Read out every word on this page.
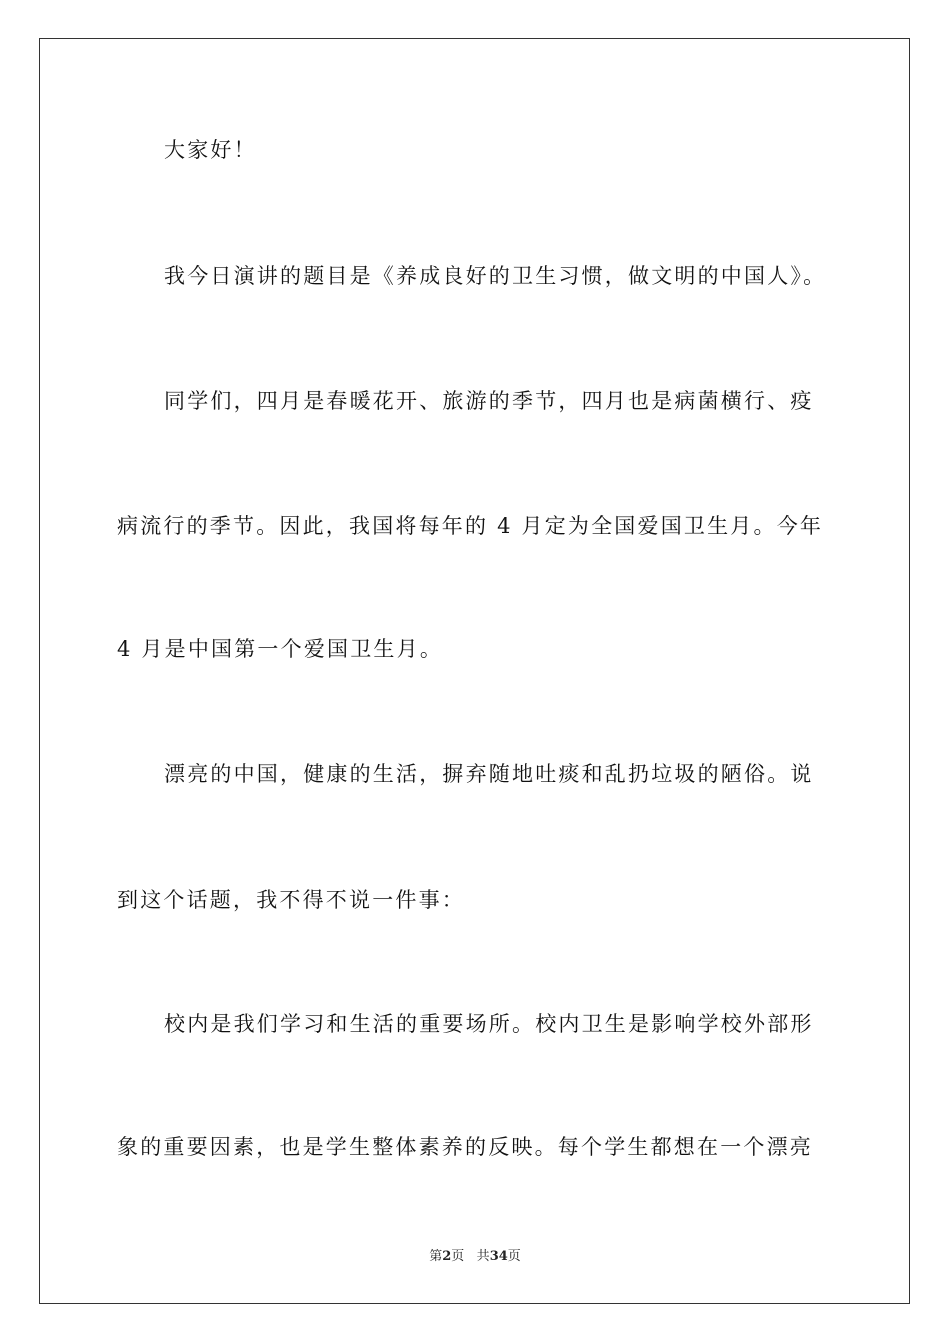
大家好！
我今日演讲的题目是《养成良好的卫生习惯，做文明的中国人》。
同学们，四月是春暖花开、旅游的季节，四月也是病菌横行、疫
病流行的季节。因此，我国将每年的 4 月定为全国爱国卫生月。今年
4 月是中国第一个爱国卫生月。
漂亮的中国，健康的生活，摒弃随地吐痰和乱扔垃圾的陋俗。说
到这个话题，我不得不说一件事：
校内是我们学习和生活的重要场所。校内卫生是影响学校外部形
象的重要因素，也是学生整体素养的反映。每个学生都想在一个漂亮
第2页 共34页
